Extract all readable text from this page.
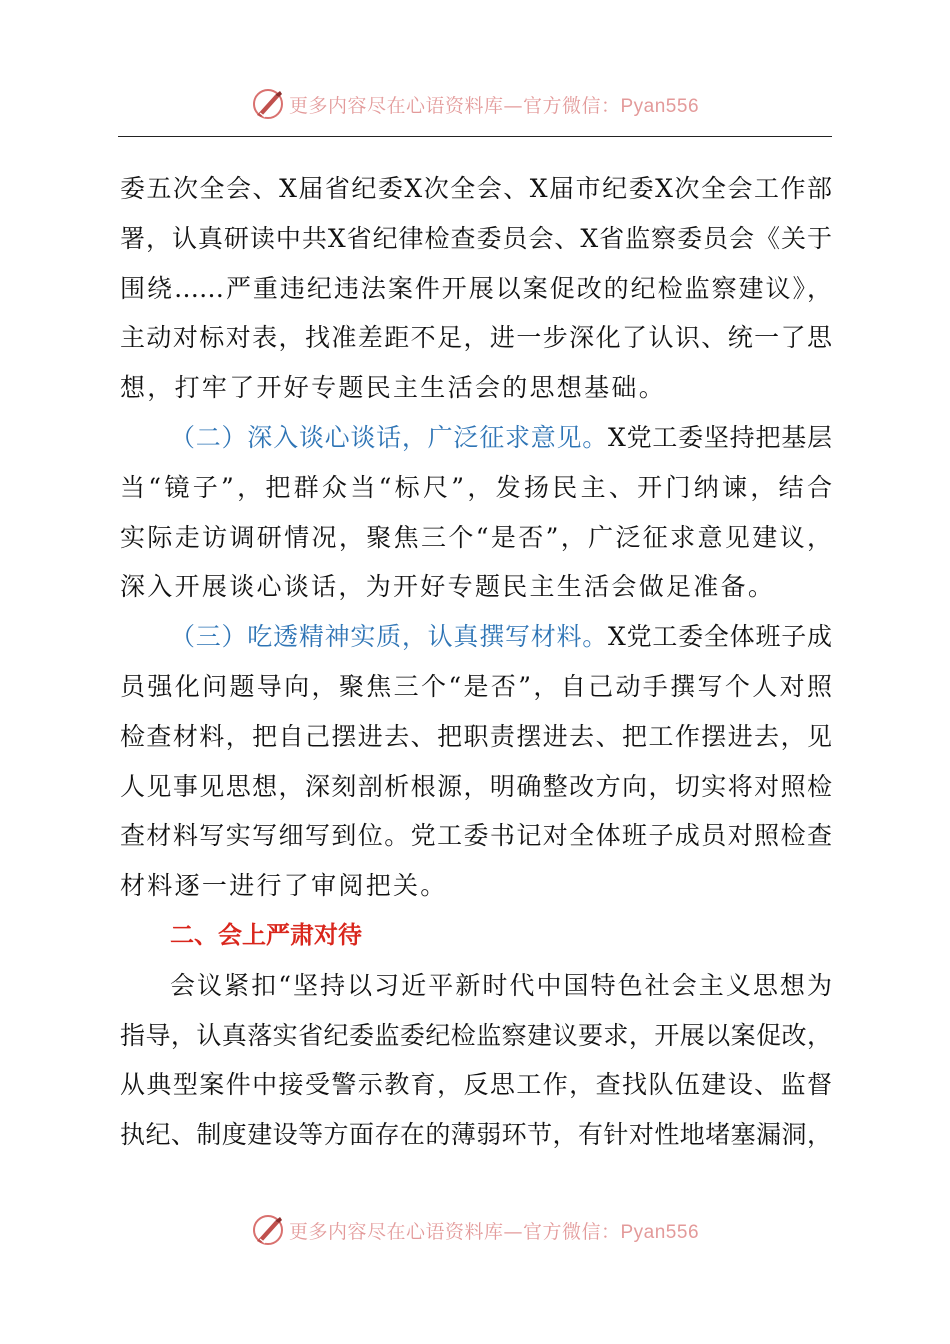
更多内容尽在心语资料库—官方微信：Pyan556
委五次全会、X届省纪委X次全会、X届市纪委X次全会工作部
署，认真研读中共X省纪律检查委员会、X省监察委员会《关于
围绕……严重违纪违法案件开展以案促改的纪检监察建议》，
主动对标对表，找准差距不足，进一步深化了认识、统一了思
想，打牢了开好专题民主生活会的思想基础。
（二）深入谈心谈话，广泛征求意见。X党工委坚持把基层
当“镜子”，把群众当“标尺”，发扬民主、开门纳谏，结合
实际走访调研情况，聚焦三个“是否”，广泛征求意见建议，
深入开展谈心谈话，为开好专题民主生活会做足准备。
（三）吃透精神实质，认真撰写材料。X党工委全体班子成
员强化问题导向，聚焦三个“是否”，自己动手撰写个人对照
检查材料，把自己摆进去、把职责摆进去、把工作摆进去，见
人见事见思想，深刻剖析根源，明确整改方向，切实将对照检
查材料写实写细写到位。党工委书记对全体班子成员对照检查
材料逐一进行了审阅把关。
二、会上严肃对待
会议紧扣“坚持以习近平新时代中国特色社会主义思想为
指导，认真落实省纪委监委纪检监察建议要求，开展以案促改，
从典型案件中接受警示教育，反思工作，查找队伍建设、监督
执纪、制度建设等方面存在的薄弱环节，有针对性地堵塞漏洞，
更多内容尽在心语资料库—官方微信：Pyan556
